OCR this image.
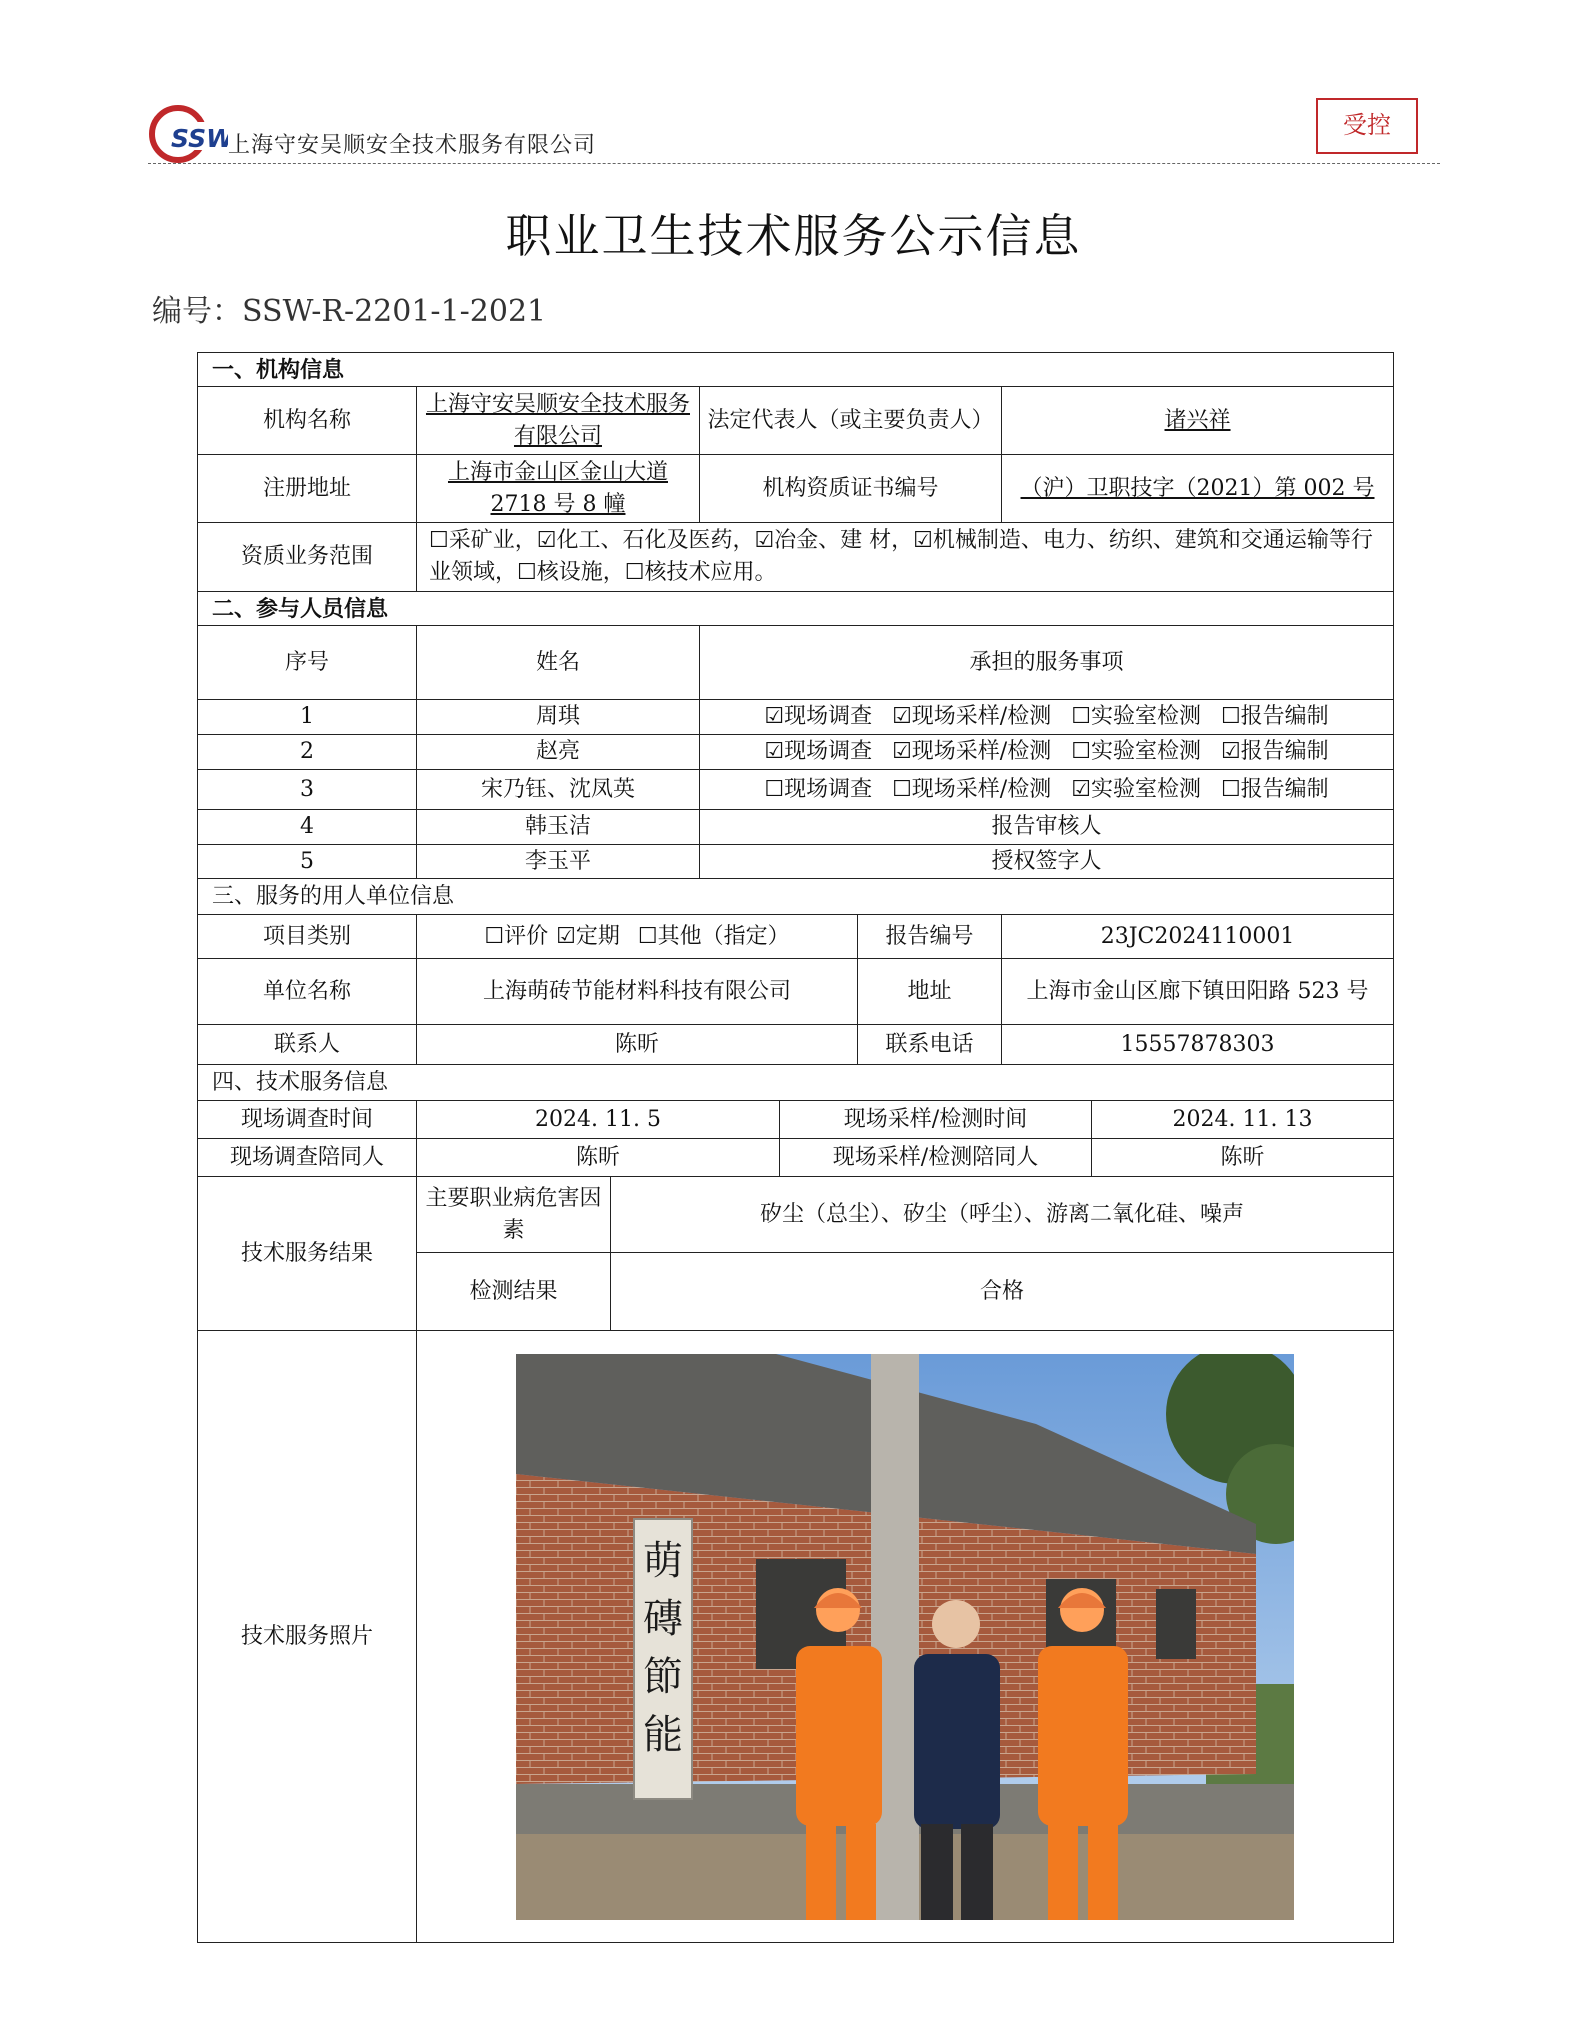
SSW
上海守安吴顺安全技术服务有限公司
受控
职业卫生技术服务公示信息
编号：SSW-R-2201-1-2021
一、机构信息							
机构名称	上海守安吴顺安全技术服务有限公司		法定代表人（或主要负责人）			诸兴祥	
注册地址	上海市金山区金山大道 2718 号 8 幢		机构资质证书编号			（沪）卫职技字（2021）第 002 号	
资质业务范围	☐采矿业，☑化工、石化及医药，☑冶金、建 材，☑机械制造、电力、纺织、建筑和交通运输等行业领域，☐核设施，☐核技术应用。						
二、参与人员信息							
序号	姓名		承担的服务事项				
1	周琪		☑现场调查 ☑现场采样/检测 ☐实验室检测 ☐报告编制				
2	赵亮		☑现场调查 ☑现场采样/检测 ☐实验室检测 ☑报告编制				
3	宋乃钰、沈凤英		☐现场调查 ☐现场采样/检测 ☑实验室检测 ☐报告编制				
4	韩玉洁		报告审核人				
5	李玉平		授权签字人				
三、服务的用人单位信息							
项目类别	☐评价 ☑定期 ☐其他（指定）				报告编号	23JC2024110001	
单位名称	上海萌砖节能材料科技有限公司				地址	上海市金山区廊下镇田阳路 523 号	
联系人	陈昕				联系电话	15557878303	
四、技术服务信息							
现场调查时间	2024. 11. 5			现场采样/检测时间			2024. 11. 13
现场调查陪同人	陈昕			现场采样/检测陪同人			陈昕
技术服务结果	主要职业病危害因素	矽尘（总尘）、矽尘（呼尘）、游离二氧化硅、噪声					
	检测结果	合格					
技术服务照片	萌
磚
節
能						
